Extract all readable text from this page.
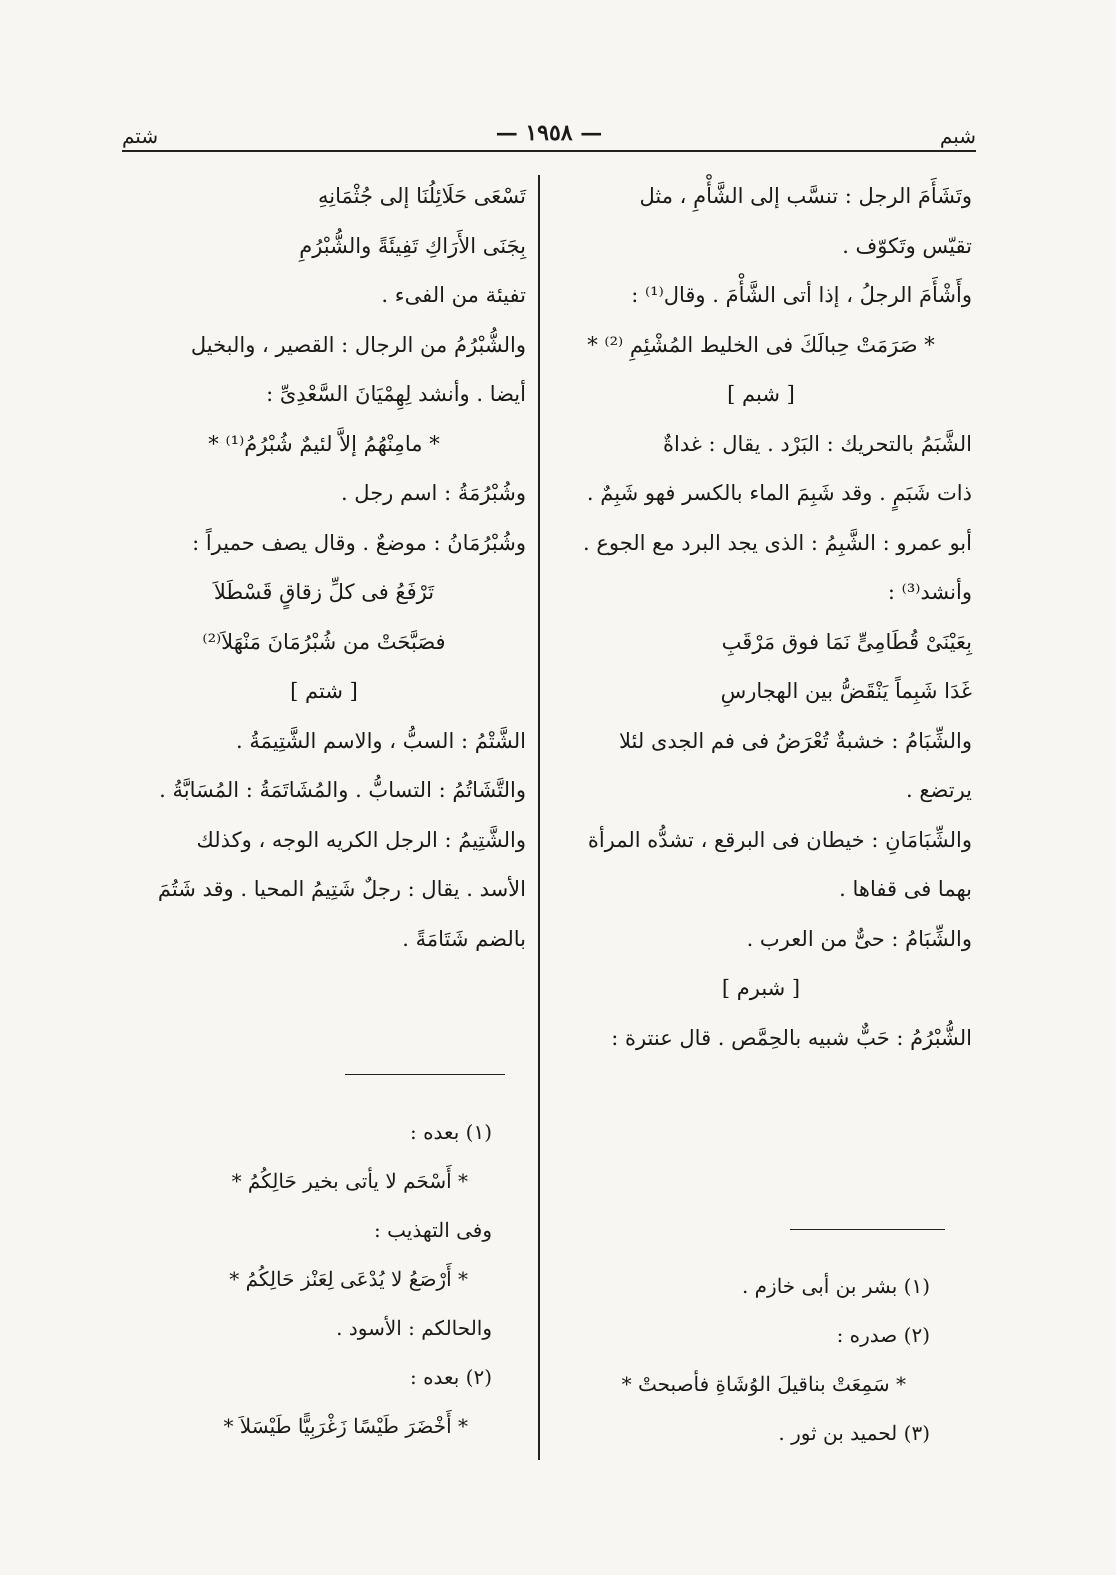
شتم	— ١٩٥٨ —	شبم

وتَشَأَمَ الرجل : تنسَّب إلى الشَّأْمِ ، مثل

تقيّس وتَكوّف .

وأَشْأَمَ الرجلُ ، إذا أتى الشَّأْمَ . وقال⁽¹⁾ :

* صَرَمَتْ حِبالَكَ فى الخليط المُشْئِمِ ⁽²⁾ *

[ شبم ]

الشَّبَمُ بالتحريك : البَرْد . يقال : غداةٌ

ذات شَبَمٍ . وقد شَبِمَ الماء بالكسر فهو شَبِمٌ .

أبو عمرو : الشَّبِمُ : الذى يجد البرد مع الجوع .

وأنشد⁽³⁾ :

بِعَيْنَىْ قُطَامِىٍّ نَمَا فوق مَرْقَبِ

غَدَا شَبِماً يَنْقَضُّ بين الهجارسِ

والشِّبَامُ : خشبةٌ تُعْرَضُ فى فم الجدى لئلا

يرتضع .

والشِّبَامَانِ : خيطان فى البرقع ، تشدُّه المرأة

بهما فى قفاها .

والشِّبَامُ : حىٌّ من العرب .

[ شبرم ]

الشُّبْرُمُ : حَبٌّ شبيه بالحِمَّص . قال عنترة :

تَسْعَى حَلَائِلُنَا إلى جُثْمَانِهِ

بِجَنَى الأَرَاكِ تَفِيئَةً والشُّبْرُمِ

تفيئة من الفىء .

والشُّبْرُمُ من الرجال : القصير ، والبخيل

أيضا . وأنشد لِهِمْيَانَ السَّعْدِىِّ :

* مامِنْهُمُ إلاَّ لئيمٌ شُبْرُمُ⁽¹⁾ *

وشُبْرُمَةُ : اسم رجل .

وشُبْرُمَانُ : موضعٌ . وقال يصف حميراً :

تَرْفَعُ فى كلِّ زقاقٍ قَسْطَلاَ

فصَبَّحَتْ من شُبْرُمَانَ مَنْهَلاَ⁽²⁾

[ شتم ]

الشَّتْمُ : السبُّ ، والاسم الشَّتِيمَةُ .

والتَّشَاتُمُ : التسابُّ . والمُشَاتَمَةُ : المُسَابَّةُ .

والشَّتِيمُ : الرجل الكريه الوجه ، وكذلك

الأسد . يقال : رجلٌ شَتِيمُ المحيا . وقد شَتُمَ

بالضم شَتَامَةً .

(١) بعده :

* أَسْحَم لا يأتى بخير حَالِكُمُ *

وفى التهذيب :

* أَرْصَعُ لا يُدْعَى لِعَنْز حَالِكُمُ *

والحالكم : الأسود .

(٢) بعده :

* أَخْضَرَ طَيْسًا زَغْرَبِيًّا طَيْسَلاَ *

(١) بشر بن أبى خازم .

(٢) صدره :

* سَمِعَتْ بناقيلَ الوُشَاةِ فأصبحتْ *

(٣) لحميد بن ثور .
